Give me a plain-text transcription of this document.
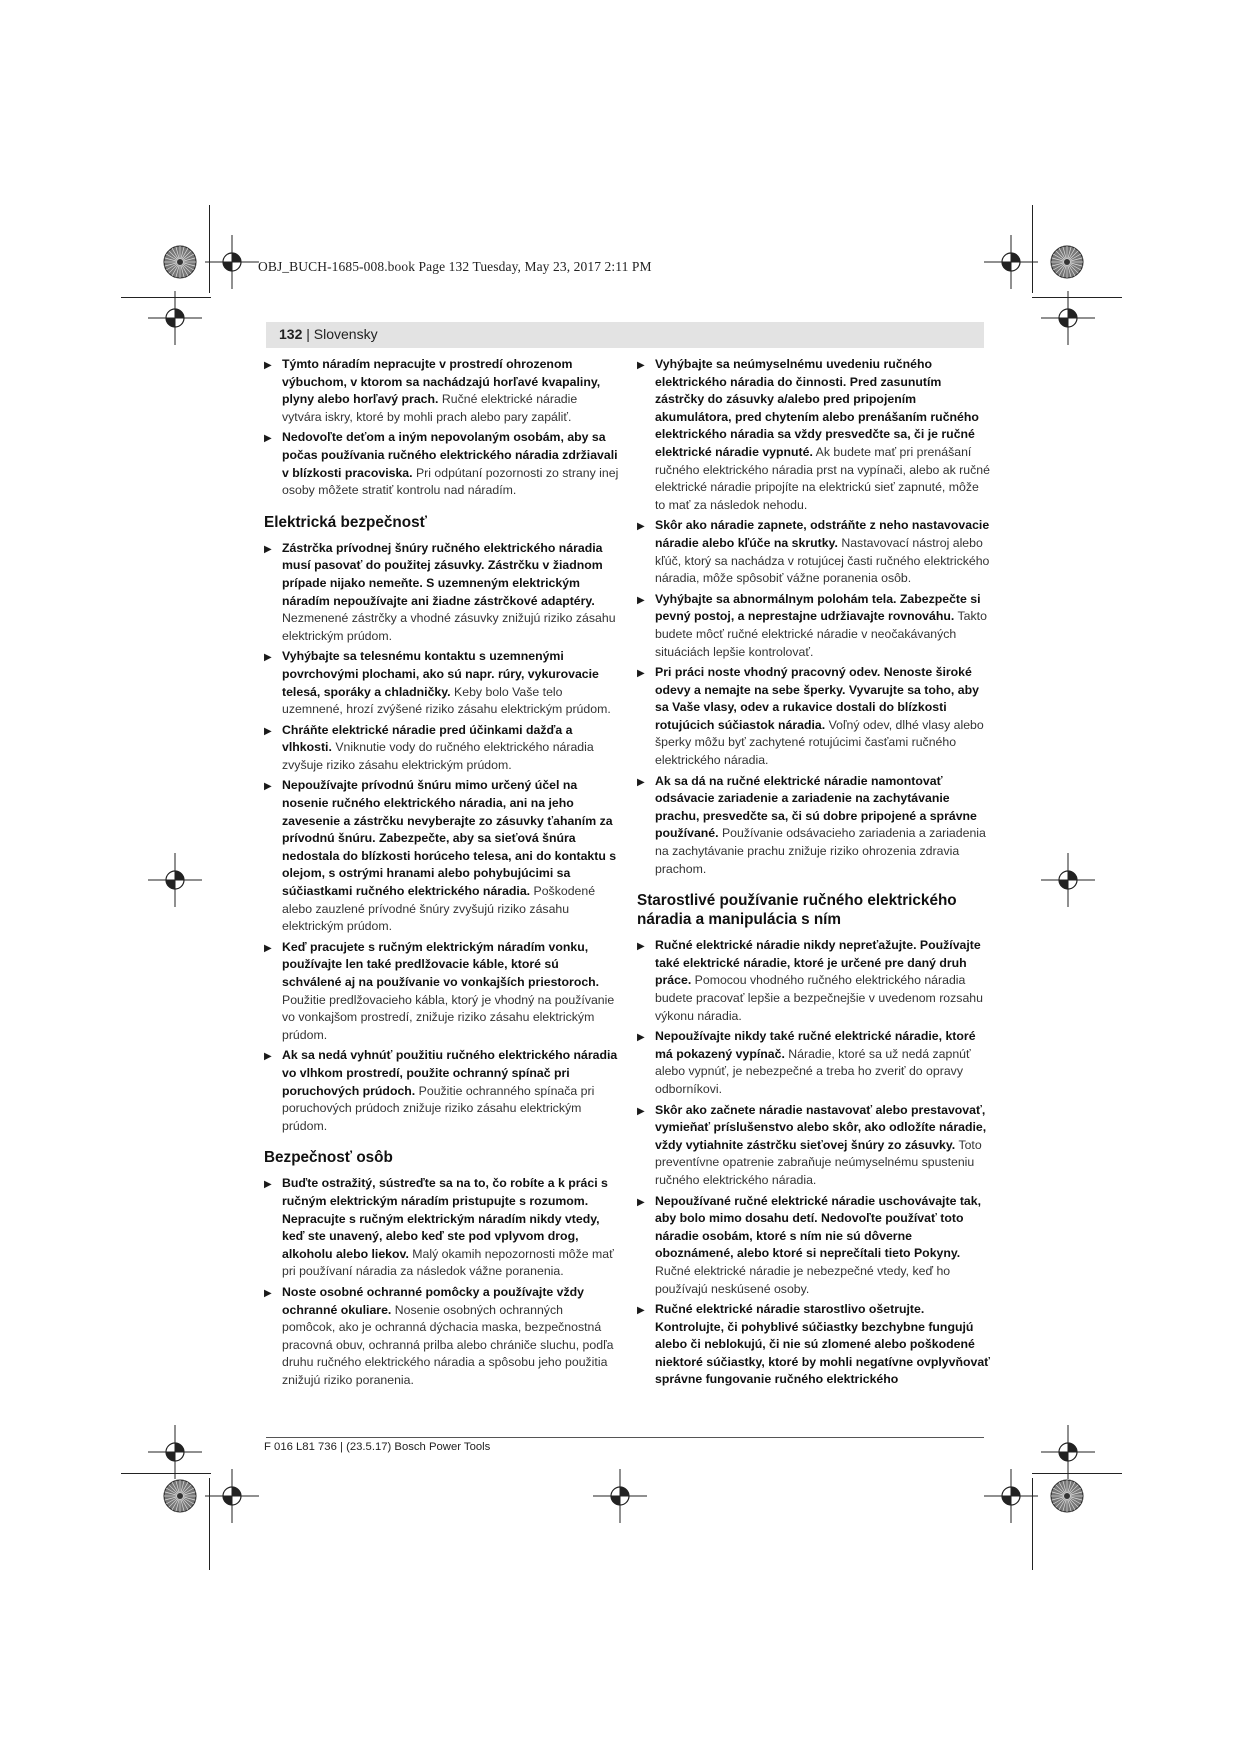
OBJ_BUCH-1685-008.book Page 132 Tuesday, May 23, 2017 2:11 PM
132 | Slovensky
▶ Týmto náradím nepracujte v prostredí ohrozenom výbuchom, v ktorom sa nachádzajú horľavé kvapaliny, plyny alebo horľavý prach. Ručné elektrické náradie vytvára iskry, ktoré by mohli prach alebo pary zapáliť.
▶ Nedovoľte deťom a iným nepovolaným osobám, aby sa počas používania ručného elektrického náradia zdržiavali v blízkosti pracoviska. Pri odpútaní pozornosti zo strany inej osoby môžete stratiť kontrolu nad náradím.
Elektrická bezpečnosť
▶ Zástrčka prívodnej šnúry ručného elektrického náradia musí pasovať do použitej zásuvky. Zástrčku v žiadnom prípade nijako nemeňte. S uzemneným elektrickým náradím nepoužívajte ani žiadne zástrčkové adaptéry. Nezmenené zástrčky a vhodné zásuvky znižujú riziko zásahu elektrickým prúdom.
▶ Vyhýbajte sa telesnému kontaktu s uzemnenými povrchovými plochami, ako sú napr. rúry, vykurovacie telesá, sporáky a chladničky. Keby bolo Vaše telo uzemnené, hrozí zvýšené riziko zásahu elektrickým prúdom.
▶ Chráňte elektrické náradie pred účinkami dažďa a vlhkosti. Vniknutie vody do ručného elektrického náradia zvyšuje riziko zásahu elektrickým prúdom.
▶ Nepoužívajte prívodnú šnúru mimo určený účel na nosenie ručného elektrického náradia, ani na jeho zavesenie a zástrčku nevyberajte zo zásuvky ťahaním za prívodnú šnúru. Zabezpečte, aby sa sieťová šnúra nedostala do blízkosti horúceho telesa, ani do kontaktu s olejom, s ostrými hranami alebo pohybujúcimi sa súčiastkami ručného elektrického náradia. Poškodené alebo zauzlené prívodné šnúry zvyšujú riziko zásahu elektrickým prúdom.
▶ Keď pracujete s ručným elektrickým náradím vonku, používajte len také predlžovacie káble, ktoré sú schválené aj na používanie vo vonkajších priestoroch. Použitie predlžovacieho kábla, ktorý je vhodný na používanie vo vonkajšom prostredí, znižuje riziko zásahu elektrickým prúdom.
▶ Ak sa nedá vyhnúť použitiu ručného elektrického náradia vo vlhkom prostredí, použite ochranný spínač pri poruchových prúdoch. Použitie ochranného spínača pri poruchových prúdoch znižuje riziko zásahu elektrickým prúdom.
Bezpečnosť osôb
▶ Buďte ostražitý, sústreďte sa na to, čo robíte a k práci s ručným elektrickým náradím pristupujte s rozumom. Nepracujte s ručným elektrickým náradím nikdy vtedy, keď ste unavený, alebo keď ste pod vplyvom drog, alkoholu alebo liekov. Malý okamih nepozornosti môže mať pri používaní náradia za následok vážne poranenia.
▶ Noste osobné ochranné pomôcky a používajte vždy ochranné okuliare. Nosenie osobných ochranných pomôcok, ako je ochranná dýchacia maska, bezpečnostná pracovná obuv, ochranná prilba alebo chrániče sluchu, podľa druhu ručného elektrického náradia a spôsobu jeho použitia znižujú riziko poranenia.
▶ Vyhýbajte sa neúmyselnému uvedeniu ručného elektrického náradia do činnosti. Pred zasunutím zástrčky do zásuvky a/alebo pred pripojením akumulátora, pred chytením alebo prenášaním ručného elektrického náradia sa vždy presvedčte sa, či je ručné elektrické náradie vypnuté. Ak budete mať pri prenášaní ručného elektrického náradia prst na vypínači, alebo ak ručné elektrické náradie pripojíte na elektrickú sieť zapnuté, môže to mať za následok nehodu.
▶ Skôr ako náradie zapnete, odstráňte z neho nastavovacie náradie alebo kľúče na skrutky. Nastavovací nástroj alebo kľúč, ktorý sa nachádza v rotujúcej časti ručného elektrického náradia, môže spôsobiť vážne poranenia osôb.
▶ Vyhýbajte sa abnormálnym polohám tela. Zabezpečte si pevný postoj, a neprestajne udržiavajte rovnováhu. Takto budete môcť ručné elektrické náradie v neočakávaných situáciách lepšie kontrolovať.
▶ Pri práci noste vhodný pracovný odev. Nenoste široké odevy a nemajte na sebe šperky. Vyvarujte sa toho, aby sa Vaše vlasy, odev a rukavice dostali do blízkosti rotujúcich súčiastok náradia. Voľný odev, dlhé vlasy alebo šperky môžu byť zachytené rotujúcimi časťami ručného elektrického náradia.
▶ Ak sa dá na ručné elektrické náradie namontovať odsávacie zariadenie a zariadenie na zachytávanie prachu, presvedčte sa, či sú dobre pripojené a správne používané. Používanie odsávacieho zariadenia a zariadenia na zachytávanie prachu znižuje riziko ohrozenia zdravia prachom.
Starostlivé používanie ručného elektrického náradia a manipulácia s ním
▶ Ručné elektrické náradie nikdy nepreťažujte. Používajte také elektrické náradie, ktoré je určené pre daný druh práce. Pomocou vhodného ručného elektrického náradia budete pracovať lepšie a bezpečnejšie v uvedenom rozsahu výkonu náradia.
▶ Nepoužívajte nikdy také ručné elektrické náradie, ktoré má pokazený vypínač. Náradie, ktoré sa už nedá zapnúť alebo vypnúť, je nebezpečné a treba ho zveriť do opravy odborníkovi.
▶ Skôr ako začnete náradie nastavovať alebo prestavovať, vymieňať príslušenstvo alebo skôr, ako odložíte náradie, vždy vytiahnite zástrčku sieťovej šnúry zo zásuvky. Toto preventívne opatrenie zabraňuje neúmyselnému spusteniu ručného elektrického náradia.
▶ Nepoužívané ručné elektrické náradie uschovávajte tak, aby bolo mimo dosahu detí. Nedovoľte používať toto náradie osobám, ktoré s ním nie sú dôverne oboznámené, alebo ktoré si neprečítali tieto Pokyny. Ručné elektrické náradie je nebezpečné vtedy, keď ho používajú neskúsené osoby.
▶ Ručné elektrické náradie starostlivo ošetrujte. Kontrolujte, či pohyblivé súčiastky bezchybne fungujú alebo či neblokujú, či nie sú zlomené alebo poškodené niektoré súčiastky, ktoré by mohli negatívne ovplyvňovať správne fungovanie ručného elektrického
F 016 L81 736 | (23.5.17) Bosch Power Tools
